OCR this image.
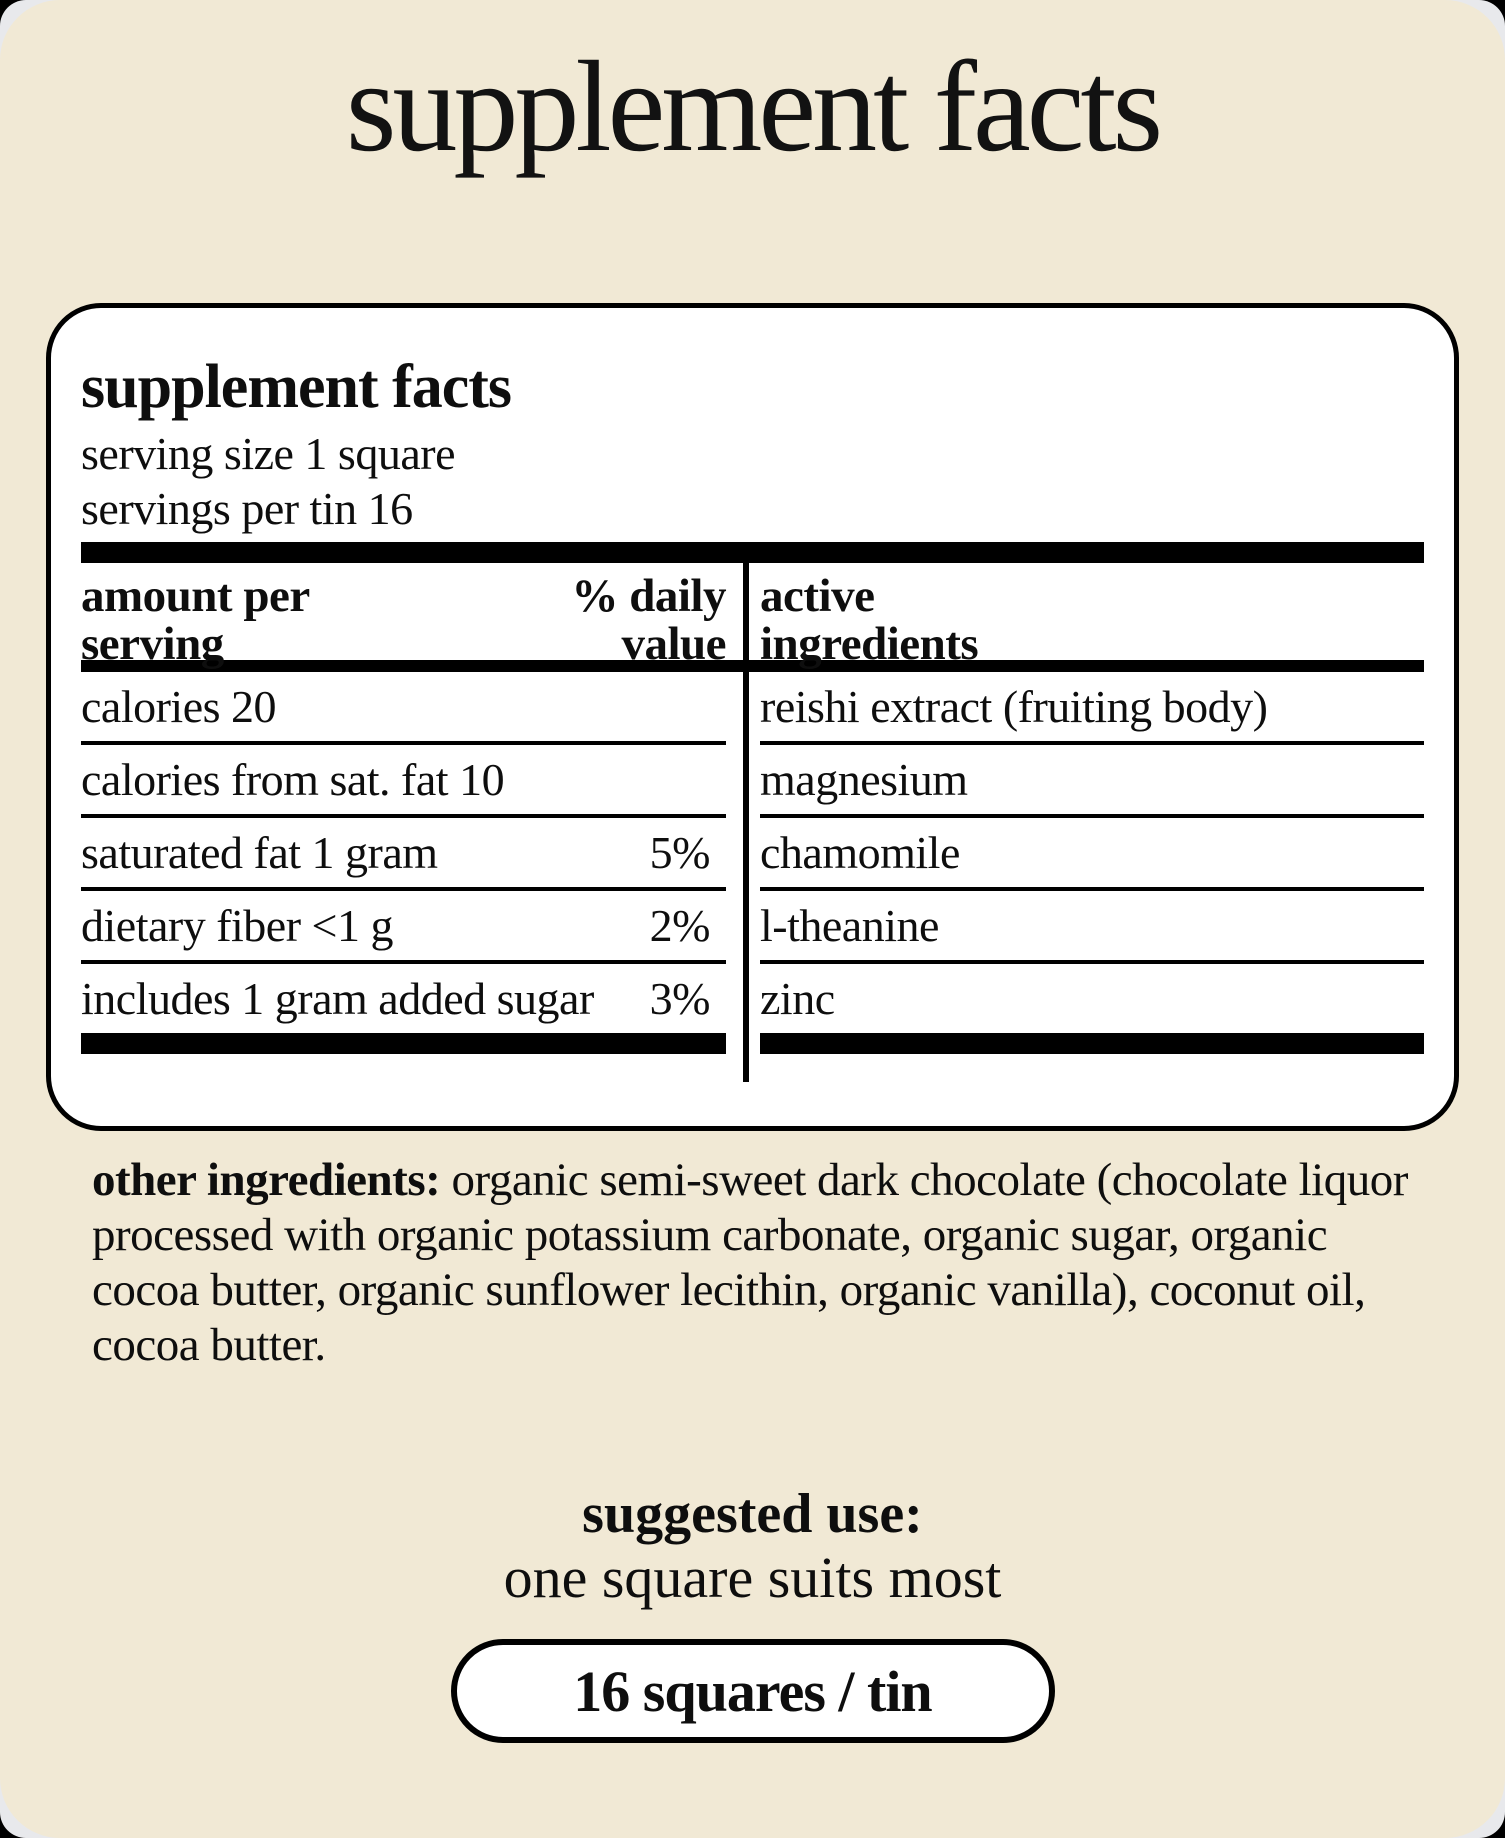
supplement facts
supplement facts

serving size 1 square

servings per tin 16

amount per
serving
% daily
value
calories 20
calories from sat. fat 10
saturated fat 1 gram	5%
dietary fiber <1 g	2%
includes 1 gram added sugar 3%
active
ingredients
reishi extract (fruiting body)
magnesium
chamomile
l-theanine
zinc

other ingredients: organic semi-sweet dark chocolate (chocolate liquor processed with organic potassium carbonate, organic sugar, organic cocoa butter, organic sunflower lecithin, organic vanilla), coconut oil, cocoa butter.

suggested use:
one square suits most
16 squares / tin
